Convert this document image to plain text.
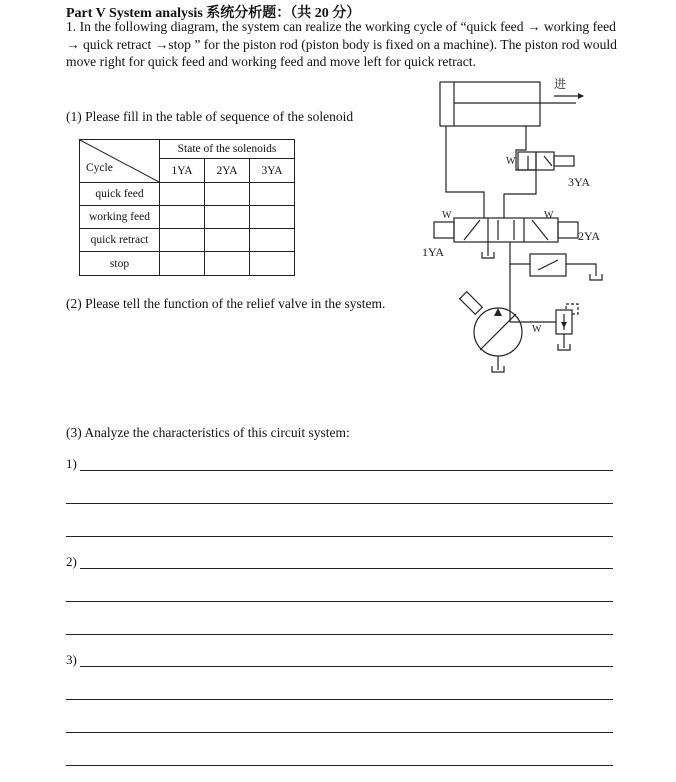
Part V System analysis 系统分析题：（共 20 分）
1. In the following diagram, the system can realize the working cycle of “quick feed → working feed → quick retract →stop ” for the piston rod (piston body is fixed on a machine). The piston rod would move right for quick feed and working feed and move left for quick retract.
(1) Please fill in the table of sequence of the solenoid
Cycle	State of the solenoids		
	1YA	2YA	3YA
quick feed			
working feed			
quick retract			
stop			
(2) Please tell the function of the relief valve in the system.
(3) Analyze the characteristics of this circuit system:
进
W
3YA
W	W
1YA
2YA
W
1)
2)
3)
